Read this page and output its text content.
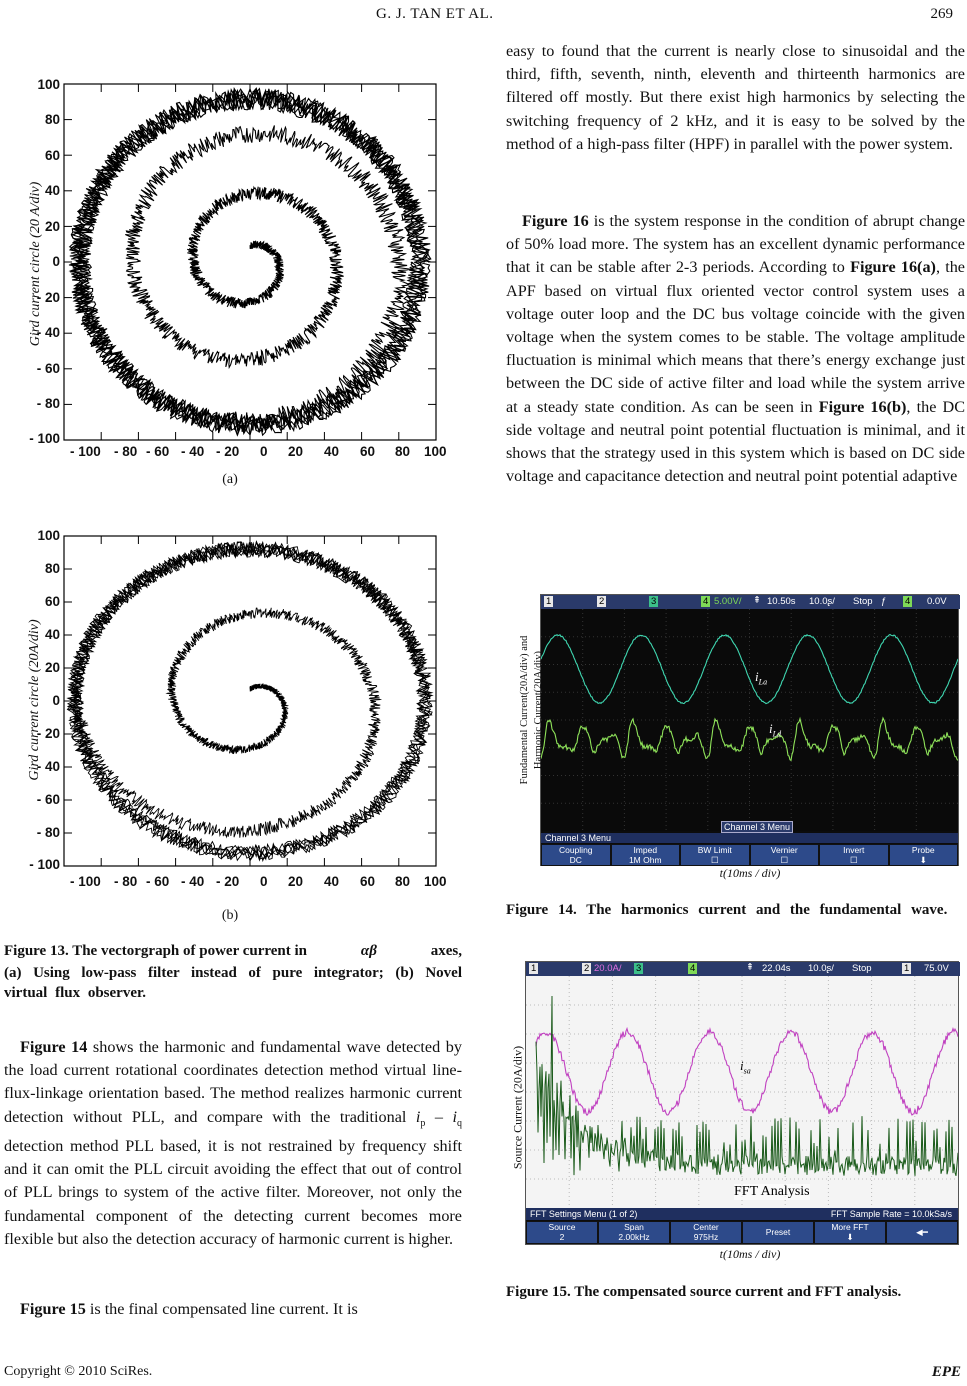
G. J. TAN ET AL.	269
Gird current circle (20 A/div)
100
80
60
40
20
0
- 20
- 40
- 60
- 80
- 100
- 100 - 80 - 60 - 40 - 20 0 20 40 60 80 100
(a)
Gird current circle (20A/div)
100
80
60
40
20
0
- 20
- 40
- 60
- 80
- 100
- 100 - 80 - 60 - 40 - 20 0 20 40 60 80 100
(b)
Figure 13. The vectorgraph of power current in	αβ	axes,
(a) Using low-pass filter instead of pure integrator; (b) Novel virtual flux observer.
Figure 14 shows the harmonic and fundamental wave detected by the load current rotational coordinates detection method virtual line-flux-linkage orientation based. The method realizes harmonic current detection without PLL, and compare with the traditional $i_p - i_q$ detection method PLL based, it is not restrained by frequency shift and it can omit the PLL circuit avoiding the effect that out of control of PLL brings to system of the active filter. Moreover, not only the fundamental component of the detecting current becomes more flexible but also the detection accuracy of harmonic current is higher.
Figure 15 is the final compensated line current. It is
easy to found that the current is nearly close to sinusoidal and the third, fifth, seventh, ninth, eleventh and thirteenth harmonics are filtered off mostly. But there exist high harmonics by selecting the switching frequency of 2 kHz, and it is easy to be solved by the method of a high-pass filter (HPF) in parallel with the power system.
Figure 16 is the system response in the condition of abrupt change of 50% load more. The system has an excellent dynamic performance that it can be stable after 2-3 periods. According to Figure 16(a), the APF based on virtual flux oriented vector control system uses a voltage outer loop and the DC bus voltage coincide with the given voltage when the system comes to be stable. The voltage amplitude fluctuation is minimal which means that there’s energy exchange just between the DC side of active filter and load while the system arrive at a steady state condition. As can be seen in Figure 16(b), the DC side voltage and neutral point potential fluctuation is minimal, and it shows that the strategy used in this system which is based on DC side voltage and capacitance detection and neutral point potential adaptive
1	2	3	4 5.00V/ ⇞ 10.50s 10.0ʂ/ Stop ƒ 4 0.0V
$i_{La}$
$i_{Ld}$
Channel 3 Menu
Channel 3 Menu
Coupling
DC
Imped
1M Ohm
BW Limit
☐
Vernier
☐
Invert
☐
Probe
⬇
Fundamental Current(20A/div) and Harmonic Current(20A/div)
t(10ms / div)
Figure 14. The harmonics current and the fundamental wave.
1	2 20.0A/ 3	4	⇞ 22.04s 10.0ʂ/ Stop	1 75.0V
$i_{sa}$
FFT Analysis
FFT Settings Menu (1 of 2)	FFT Sample Rate = 10.0kSa/s
Source
2
Span
2.00kHz
Center
975Hz	Preset	More FFT
⬇	◀━
Source Current (20A/div)
t(10ms / div)
Figure 15. The compensated source current and FFT analysis.
Copyright © 2010 SciRes.	EPE
